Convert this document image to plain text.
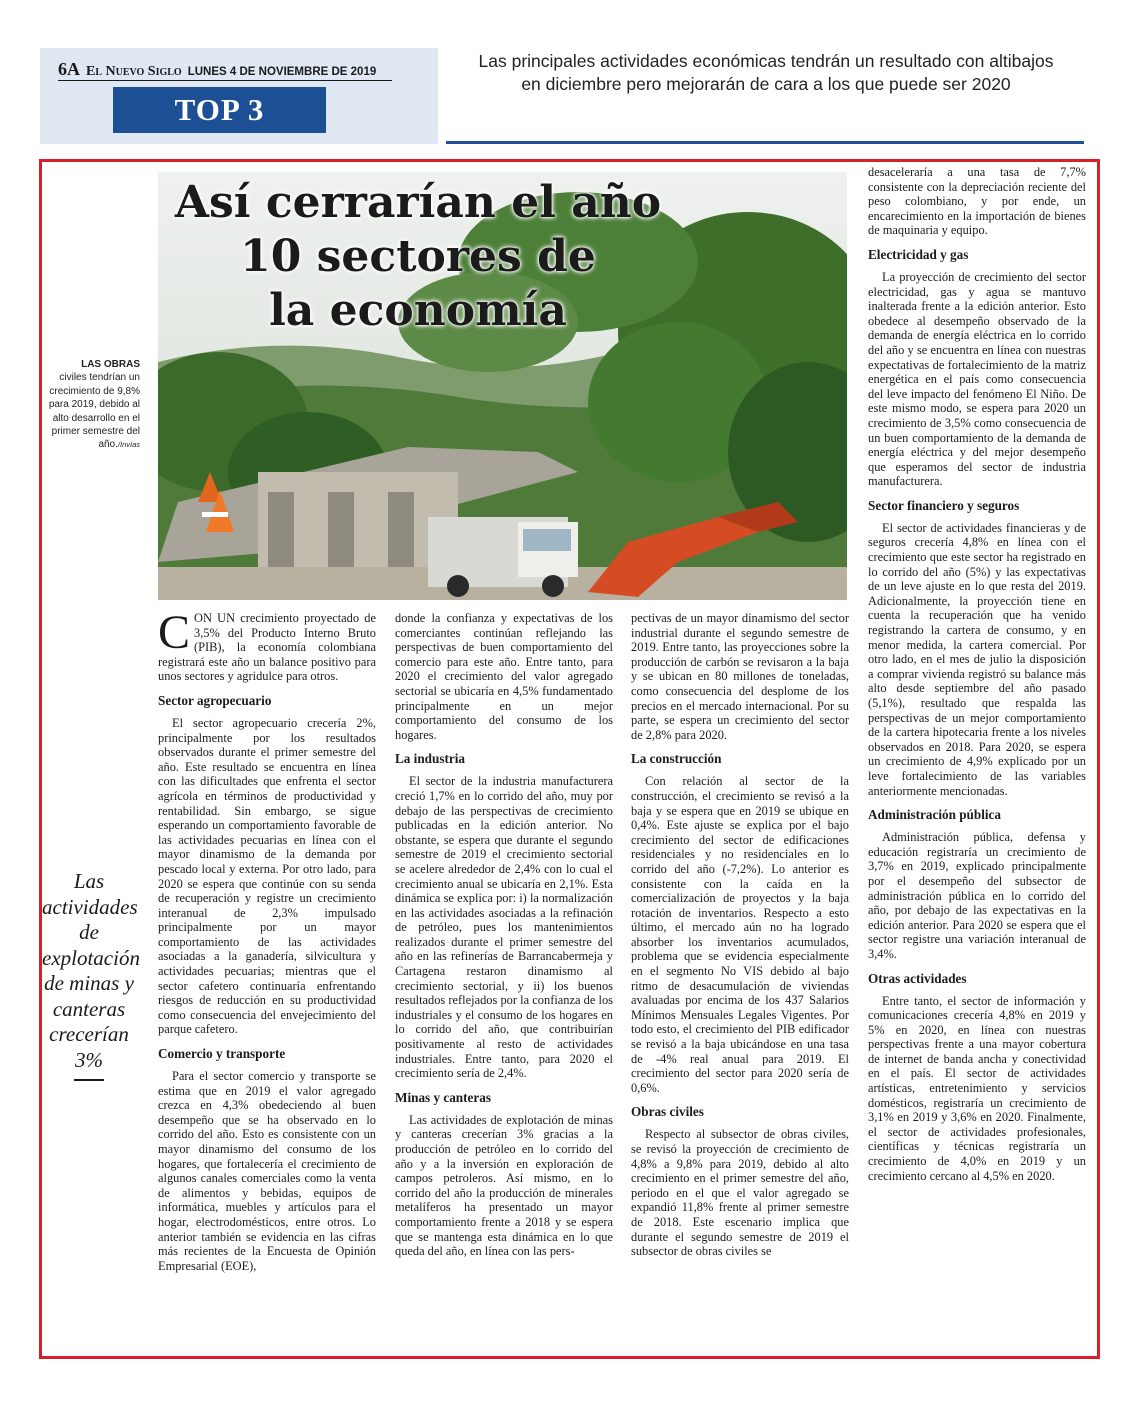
6A El Nuevo Siglo LUNES 4 DE NOVIEMBRE DE 2019
TOP 3
Las principales actividades económicas tendrán un resultado con altibajos en diciembre pero mejorarán de cara a los que puede ser 2020
Así cerrarían el año
10 sectores de
la economía
LAS OBRAS
civiles tendrían un crecimiento de 9,8% para 2019, debido al alto desarrollo en el primer semestre del año./Invías
Las actividades de explotación de minas y canteras crecerían 3%

CON UN crecimiento proyectado de 3,5% del Producto Interno Bruto (PIB), la economía colombiana registrará este año un balance positivo para unos sectores y agridulce para otros.

Sector agropecuario

El sector agropecuario crecería 2%, principalmente por los resultados observados durante el primer semestre del año. Este resultado se encuentra en línea con las dificultades que enfrenta el sector agrícola en términos de productividad y rentabilidad. Sin embargo, se sigue esperando un comportamiento favorable de las actividades pecuarias en línea con el mayor dinamismo de la demanda por pescado local y externa. Por otro lado, para 2020 se espera que continúe con su senda de recuperación y registre un crecimiento interanual de 2,3% impulsado principalmente por un mayor comportamiento de las actividades asociadas a la ganadería, silvicultura y actividades pecuarias; mientras que el sector cafetero continuaría enfrentando riesgos de reducción en su productividad como consecuencia del envejecimiento del parque cafetero.

Comercio y transporte

Para el sector comercio y transporte se estima que en 2019 el valor agregado crezca en 4,3% obedeciendo al buen desempeño que se ha observado en lo corrido del año. Esto es consistente con un mayor dinamismo del consumo de los hogares, que fortalecería el crecimiento de algunos canales comerciales como la venta de alimentos y bebidas, equipos de informática, muebles y artículos para el hogar, electrodomésticos, entre otros. Lo anterior también se evidencia en las cifras más recientes de la Encuesta de Opinión Empresarial (EOE),

donde la confianza y expectativas de los comerciantes continúan reflejando las perspectivas de buen comportamiento del comercio para este año. Entre tanto, para 2020 el crecimiento del valor agregado sectorial se ubicaría en 4,5% fundamentado principalmente en un mejor comportamiento del consumo de los hogares.

La industria

El sector de la industria manufacturera creció 1,7% en lo corrido del año, muy por debajo de las perspectivas de crecimiento publicadas en la edición anterior. No obstante, se espera que durante el segundo semestre de 2019 el crecimiento sectorial se acelere alrededor de 2,4% con lo cual el crecimiento anual se ubicaría en 2,1%. Esta dinámica se explica por: i) la normalización en las actividades asociadas a la refinación de petróleo, pues los mantenimientos realizados durante el primer semestre del año en las refinerías de Barrancabermeja y Cartagena restaron dinamismo al crecimiento sectorial, y ii) los buenos resultados reflejados por la confianza de los industriales y el consumo de los hogares en lo corrido del año, que contribuirían positivamente al resto de actividades industriales. Entre tanto, para 2020 el crecimiento sería de 2,4%.

Minas y canteras

Las actividades de explotación de minas y canteras crecerían 3% gracias a la producción de petróleo en lo corrido del año y a la inversión en exploración de campos petroleros. Así mismo, en lo corrido del año la producción de minerales metalíferos ha presentado un mayor comportamiento frente a 2018 y se espera que se mantenga esta dinámica en lo que queda del año, en línea con las pers-

pectivas de un mayor dinamismo del sector industrial durante el segundo semestre de 2019. Entre tanto, las proyecciones sobre la producción de carbón se revisaron a la baja y se ubican en 80 millones de toneladas, como consecuencia del desplome de los precios en el mercado internacional. Por su parte, se espera un crecimiento del sector de 2,8% para 2020.

La construcción

Con relación al sector de la construcción, el crecimiento se revisó a la baja y se espera que en 2019 se ubique en 0,4%. Este ajuste se explica por el bajo crecimiento del sector de edificaciones residenciales y no residenciales en lo corrido del año (-7,2%). Lo anterior es consistente con la caída en la comercialización de proyectos y la baja rotación de inventarios. Respecto a esto último, el mercado aún no ha logrado absorber los inventarios acumulados, problema que se evidencia especialmente en el segmento No VIS debido al bajo ritmo de desacumulación de viviendas avaluadas por encima de los 437 Salarios Mínimos Mensuales Legales Vigentes. Por todo esto, el crecimiento del PIB edificador se revisó a la baja ubicándose en una tasa de -4% real anual para 2019. El crecimiento del sector para 2020 sería de 0,6%.

Obras civiles

Respecto al subsector de obras civiles, se revisó la proyección de crecimiento de 4,8% a 9,8% para 2019, debido al alto crecimiento en el primer semestre del año, periodo en el que el valor agregado se expandió 11,8% frente al primer semestre de 2018. Este escenario implica que durante el segundo semestre de 2019 el subsector de obras civiles se

desaceleraría a una tasa de 7,7% consistente con la depreciación reciente del peso colombiano, y por ende, un encarecimiento en la importación de bienes de maquinaria y equipo.

Electricidad y gas

La proyección de crecimiento del sector electricidad, gas y agua se mantuvo inalterada frente a la edición anterior. Esto obedece al desempeño observado de la demanda de energía eléctrica en lo corrido del año y se encuentra en línea con nuestras expectativas de fortalecimiento de la matriz energética en el país como consecuencia del leve impacto del fenómeno El Niño. De este mismo modo, se espera para 2020 un crecimiento de 3,5% como consecuencia de un buen comportamiento de la demanda de energía eléctrica y del mejor desempeño que esperamos del sector de industria manufacturera.

Sector financiero y seguros

El sector de actividades financieras y de seguros crecería 4,8% en línea con el crecimiento que este sector ha registrado en lo corrido del año (5%) y las expectativas de un leve ajuste en lo que resta del 2019. Adicionalmente, la proyección tiene en cuenta la recuperación que ha venido registrando la cartera de consumo, y en menor medida, la cartera comercial. Por otro lado, en el mes de julio la disposición a comprar vivienda registró su balance más alto desde septiembre del año pasado (5,1%), resultado que respalda las perspectivas de un mejor comportamiento de la cartera hipotecaria frente a los niveles observados en 2018. Para 2020, se espera un crecimiento de 4,9% explicado por un leve fortalecimiento de las variables anteriormente mencionadas.

Administración pública

Administración pública, defensa y educación registraría un crecimiento de 3,7% en 2019, explicado principalmente por el desempeño del subsector de administración pública en lo corrido del año, por debajo de las expectativas en la edición anterior. Para 2020 se espera que el sector registre una variación interanual de 3,4%.

Otras actividades

Entre tanto, el sector de información y comunicaciones crecería 4,8% en 2019 y 5% en 2020, en línea con nuestras perspectivas frente a una mayor cobertura de internet de banda ancha y conectividad en el país. El sector de actividades artísticas, entretenimiento y servicios domésticos, registraría un crecimiento de 3,1% en 2019 y 3,6% en 2020. Finalmente, el sector de actividades profesionales, científicas y técnicas registraría un crecimiento de 4,0% en 2019 y un crecimiento cercano al 4,5% en 2020.
